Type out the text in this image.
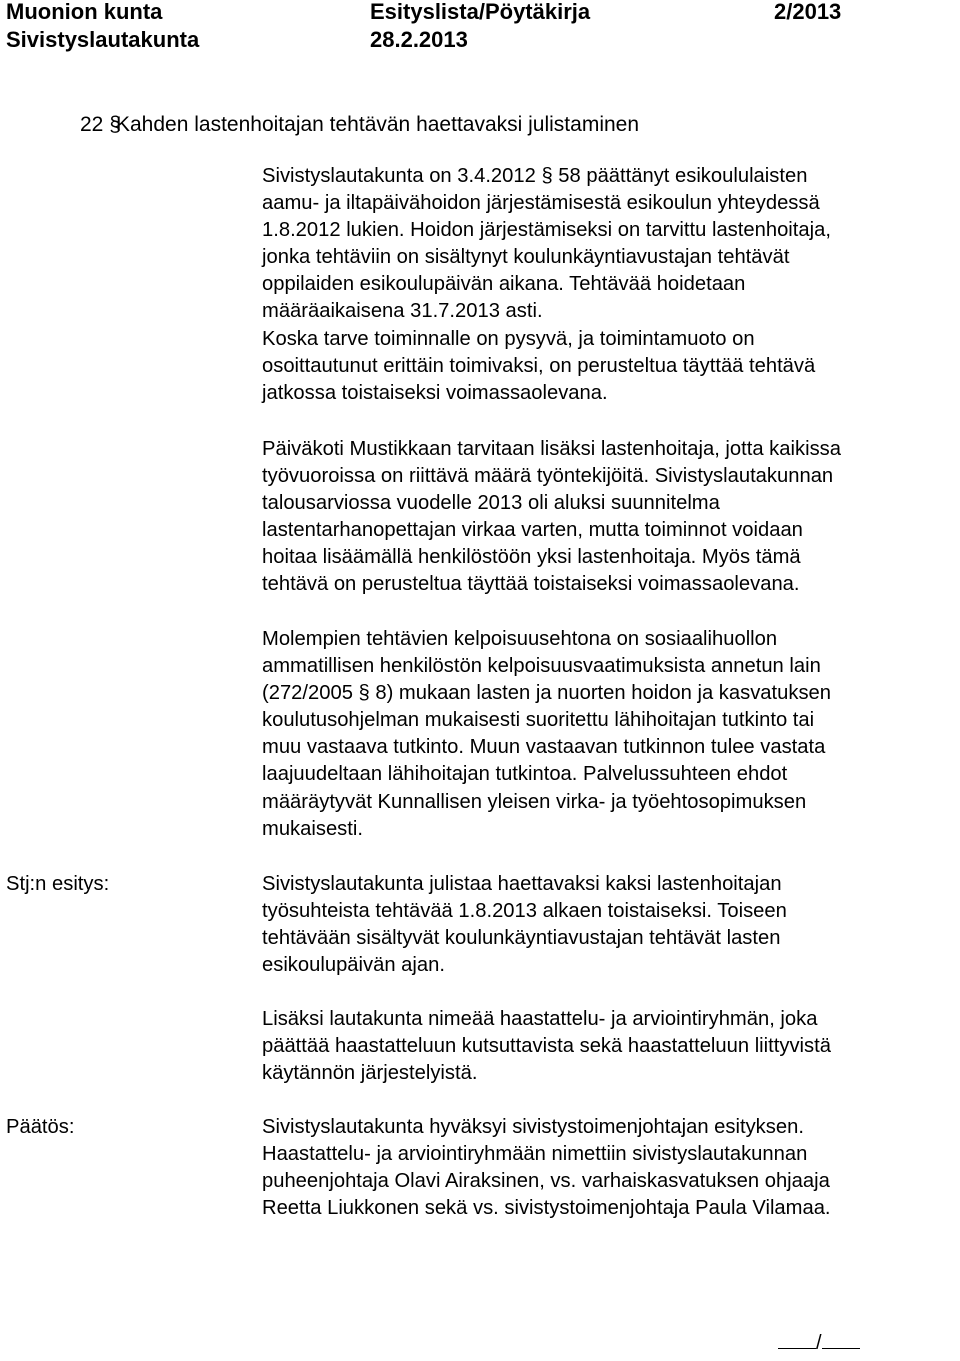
Muonion kunta
Sivistyslautakunta
Esityslista/Pöytäkirja
28.2.2013
2/2013
22 §Kahden lastenhoitajan tehtävän haettavaksi julistaminen
Sivistyslautakunta on 3.4.2012 § 58 päättänyt esikoululaisten
aamu- ja iltapäivähoidon järjestämisestä esikoulun yhteydessä
1.8.2012 lukien. Hoidon järjestämiseksi on tarvittu lastenhoitaja,
jonka tehtäviin on sisältynyt koulunkäyntiavustajan tehtävät
oppilaiden esikoulupäivän aikana. Tehtävää hoidetaan
määräaikaisena 31.7.2013 asti.
Koska tarve toiminnalle on pysyvä, ja toimintamuoto on
osoittautunut erittäin toimivaksi, on perusteltua täyttää tehtävä
jatkossa toistaiseksi voimassaolevana.
Päiväkoti Mustikkaan tarvitaan lisäksi lastenhoitaja, jotta kaikissa
työvuoroissa on riittävä määrä työntekijöitä. Sivistyslautakunnan
talousarviossa vuodelle 2013 oli aluksi suunnitelma
lastentarhanopettajan virkaa varten, mutta toiminnot voidaan
hoitaa lisäämällä henkilöstöön yksi lastenhoitaja. Myös tämä
tehtävä on perusteltua täyttää toistaiseksi voimassaolevana.
Molempien tehtävien kelpoisuusehtona on sosiaalihuollon
ammatillisen henkilöstön kelpoisuusvaatimuksista annetun lain
(272/2005 § 8) mukaan lasten ja nuorten hoidon ja kasvatuksen
koulutusohjelman mukaisesti suoritettu lähihoitajan tutkinto tai
muu vastaava tutkinto. Muun vastaavan tutkinnon tulee vastata
laajuudeltaan lähihoitajan tutkintoa. Palvelussuhteen ehdot
määräytyvät Kunnallisen yleisen virka- ja työehtosopimuksen
mukaisesti.
Stj:n esitys:	Sivistyslautakunta julistaa haettavaksi kaksi lastenhoitajan
työsuhteista tehtävää 1.8.2013 alkaen toistaiseksi. Toiseen
tehtävään sisältyvät koulunkäyntiavustajan tehtävät lasten
esikoulupäivän ajan.
Lisäksi lautakunta nimeää haastattelu- ja arviointiryhmän, joka
päättää haastatteluun kutsuttavista sekä haastatteluun liittyvistä
käytännön järjestelyistä.
Päätös:	Sivistyslautakunta hyväksyi sivistystoimenjohtajan esityksen.
Haastattelu- ja arviointiryhmään nimettiin sivistyslautakunnan
puheenjohtaja Olavi Airaksinen, vs. varhaiskasvatuksen ohjaaja
Reetta Liukkonen sekä vs. sivistystoimenjohtaja Paula Vilamaa.
/
